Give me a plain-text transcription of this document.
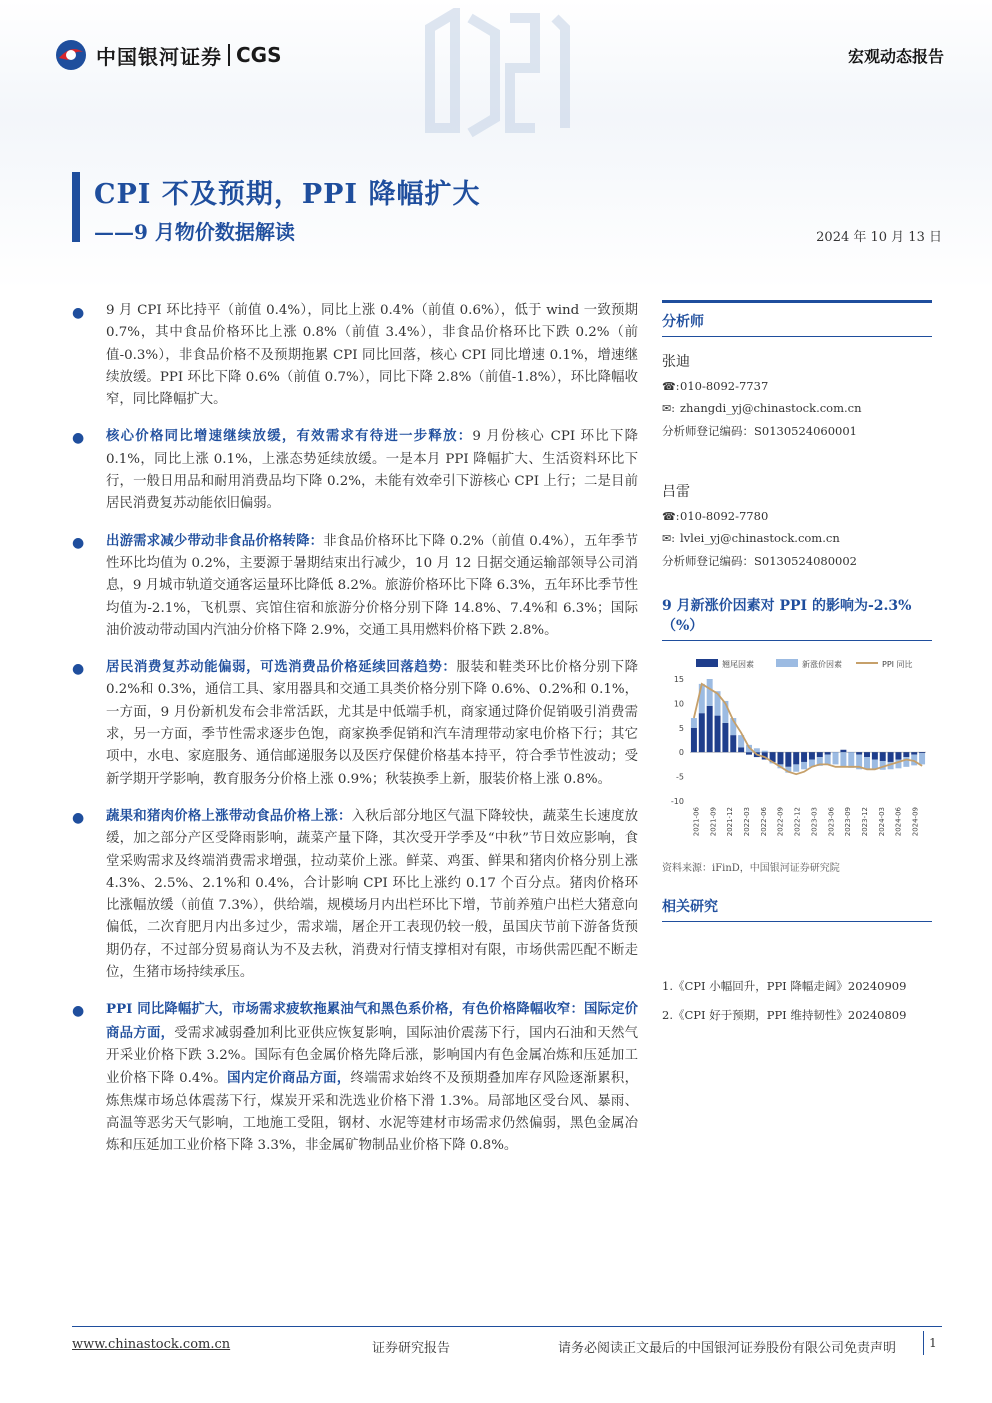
中国银河证券 CGS	宏观动态报告
CPI 不及预期，PPI 降幅扩大
——9 月物价数据解读	2024 年 10 月 13 日
● 9 月 CPI 环比持平（前值 0.4%），同比上涨 0.4%（前值 0.6%），低于 wind 一致预期 0.7%，其中食品价格环比上涨 0.8%（前值 3.4%），非食品价格环比下跌 0.2%（前值-0.3%），非食品价格不及预期拖累 CPI 同比回落，核心 CPI 同比增速 0.1%，增速继续放缓。PPI 环比下降 0.6%（前值 0.7%），同比下降 2.8%（前值-1.8%），环比降幅收窄，同比降幅扩大。
● 核心价格同比增速继续放缓，有效需求有待进一步释放：9 月份核心 CPI 环比下降 0.1%，同比上涨 0.1%，上涨态势延续放缓。一是本月 PPI 降幅扩大、生活资料环比下行，一般日用品和耐用消费品均下降 0.2%，未能有效牵引下游核心 CPI 上行；二是目前居民消费复苏动能依旧偏弱。
● 出游需求减少带动非食品价格转降：非食品价格环比下降 0.2%（前值 0.4%），五年季节性环比均值为 0.2%，主要源于暑期结束出行减少，10 月 12 日据交通运输部领导公司消息，9 月城市轨道交通客运量环比降低 8.2%。旅游价格环比下降 6.3%，五年环比季节性均值为-2.1%，飞机票、宾馆住宿和旅游分价格分别下降 14.8%、7.4%和 6.3%；国际油价波动带动国内汽油分价格下降 2.9%，交通工具用燃料价格下跌 2.8%。
● 居民消费复苏动能偏弱，可选消费品价格延续回落趋势：服装和鞋类环比价格分别下降 0.2%和 0.3%，通信工具、家用器具和交通工具类价格分别下降 0.6%、0.2%和 0.1%，一方面，9 月份新机发布会非常活跃，尤其是中低端手机，商家通过降价促销吸引消费需求，另一方面，季节性需求逐步色饱，商家换季促销和汽车清理带动家电价格下行；其它项中，水电、家庭服务、通信邮递服务以及医疗保健价格基本持平，符合季节性波动；受新学期开学影响，教育服务分价格上涨 0.9%；秋装换季上新，服装价格上涨 0.8%。
● 蔬果和猪肉价格上涨带动食品价格上涨：入秋后部分地区气温下降较快，蔬菜生长速度放缓，加之部分产区受降雨影响，蔬菜产量下降，其次受开学季及“中秋”节日效应影响，食堂采购需求及终端消费需求增强，拉动菜价上涨。鲜菜、鸡蛋、鲜果和猪肉价格分别上涨 4.3%、2.5%、2.1%和 0.4%，合计影响 CPI 环比上涨约 0.17 个百分点。猪肉价格环比涨幅放缓（前值 7.3%），供给端，规模场月内出栏环比下增，节前养殖户出栏大猪意向偏低，二次育肥月内出多过少，需求端，屠企开工表现仍较一般，虽国庆节前下游备货预期仍存，不过部分贸易商认为不及去秋，消费对行情支撑相对有限，市场供需匹配不断走位，生猪市场持续承压。
● PPI 同比降幅扩大，市场需求疲软拖累油气和黑色系价格，有色价格降幅收窄：国际定价商品方面，受需求减弱叠加利比亚供应恢复影响，国际油价震荡下行，国内石油和天然气开采业价格下跌 3.2%。国际有色金属价格先降后涨，影响国内有色金属冶炼和压延加工业价格下降 0.4%。国内定价商品方面，终端需求始终不及预期叠加库存风险逐渐累积，炼焦煤市场总体震荡下行，煤炭开采和洗选业价格下滑 1.3%。局部地区受台风、暴雨、高温等恶劣天气影响，工地施工受阻，钢材、水泥等建材市场需求仍然偏弱，黑色金属冶炼和压延加工业价格下降 3.3%，非金属矿物制品业价格下降 0.8%。
分析师
张迪
☎: 010-8092-7737
✉: zhangdi_yj@chinastock.com.cn
分析师登记编码：S0130524060001
吕雷
☎: 010-8092-7780
✉: lvlei_yj@chinastock.com.cn
分析师登记编码：S0130524080002
9 月新涨价因素对 PPI 的影响为-2.3%（%）
翘尾因素	新涨价因素	PPI 同比
15
10
5
0
-5
-10
2021-06 2021-09 2021-12 2022-03 2022-06 2022-09 2022-12 2023-03 2023-06 2023-09 2023-12 2024-03 2024-06 2024-09
资料来源：iFinD，中国银河证券研究院
相关研究
1.《CPI 小幅回升，PPI 降幅走阔》20240909
2.《CPI 好于预期，PPI 维持韧性》20240809
www.chinastock.com.cn	证券研究报告	请务必阅读正文最后的中国银河证券股份有限公司免责声明	1
